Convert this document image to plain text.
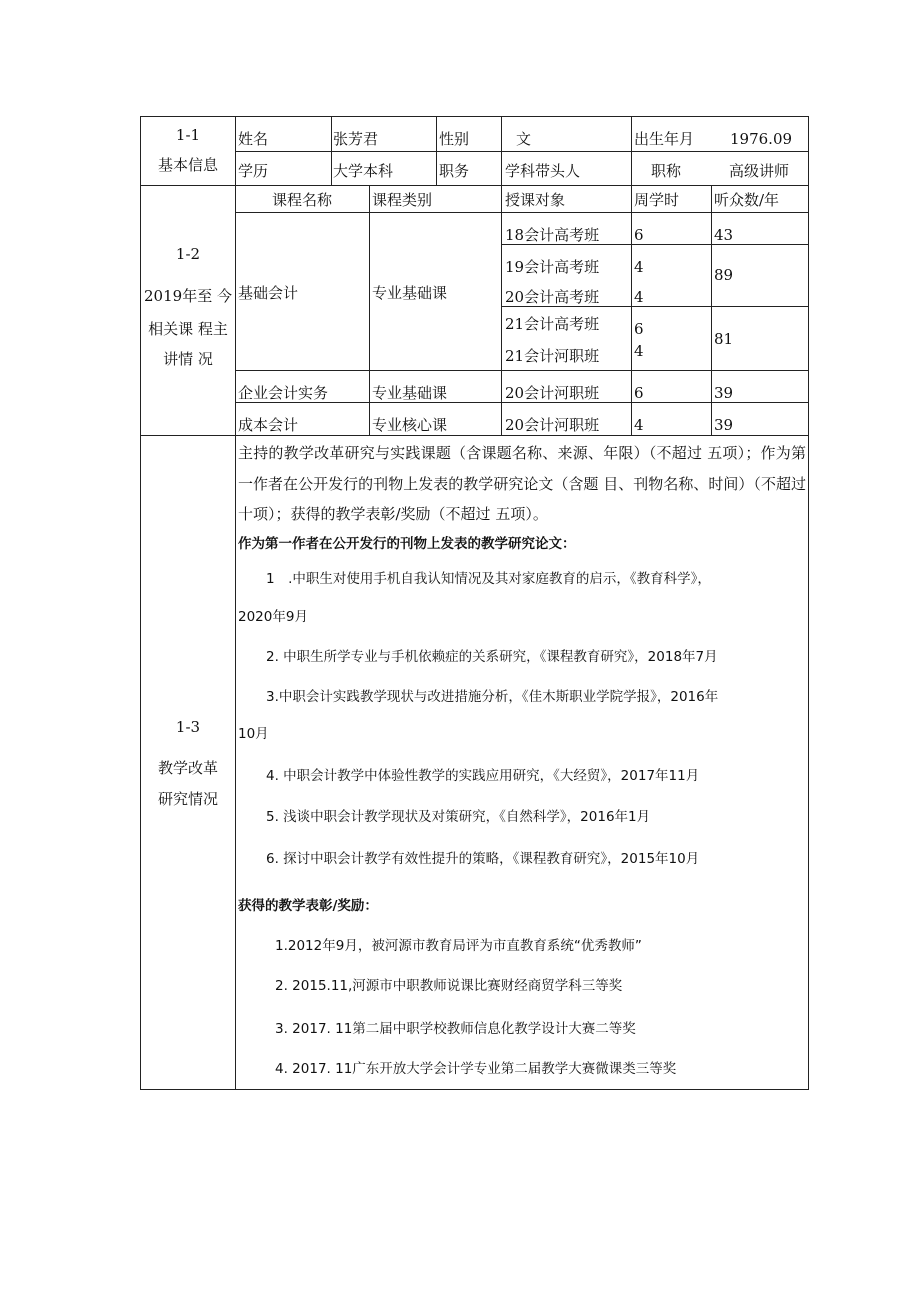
1-1
基本信息
姓名	张芳君	性别	文	出生年月 1976.09
学历	大学本科	职务 学科带头人	职称	高级讲师
1-2
2019年至 今
相关课 程主
讲情 况
课程名称	课程类别	授课对象	周学时 听众数/年
基础会计	专业基础课
18会计高考班 6	43
19会计高考班 4	89
20会计高考班 4
21会计高考班 6
81
21会计河职班 4
企业会计实务	专业基础课	20会计河职班 6	39
成本会计	专业核心课	20会计河职班 4	39
1-3
教学改革
研究情况
主持的教学改革研究与实践课题（含课题名称、来源、年限）（不超过 五项）；作为第一作者在公开发行的刊物上发表的教学研究论文（含题 目、刊物名称、时间）（不超过十项）；获得的教学表彰/奖励（不超过 五项）。
作为第一作者在公开发行的刊物上发表的教学研究论文：
1　.中职生对使用手机自我认知情况及其对家庭教育的启示，《教育科学》，
2020年9月
2. 中职生所学专业与手机依赖症的关系研究，《课程教育研究》，2018年7月
3.中职会计实践教学现状与改进措施分析，《佳木斯职业学院学报》，2016年
10月
4. 中职会计教学中体验性教学的实践应用研究，《大经贸》，2017年11月
5. 浅谈中职会计教学现状及对策研究，《自然科学》，2016年1月
6. 探讨中职会计教学有效性提升的策略，《课程教育研究》，2015年10月
获得的教学表彰/奖励：
1.2012年9月，被河源市教育局评为市直教育系统“优秀教师”
2. 2015.11,河源市中职教师说课比赛财经商贸学科三等奖
3. 2017. 11第二届中职学校教师信息化教学设计大赛二等奖
4. 2017. 11广东开放大学会计学专业第二届教学大赛微课类三等奖
